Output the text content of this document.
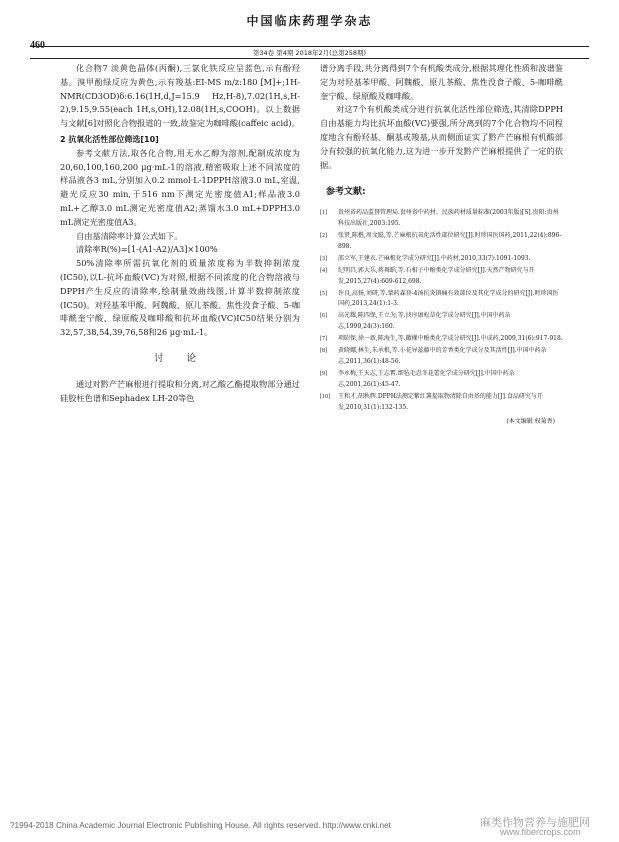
460
中国临床药理学杂志
第34卷 第4期 2018年2月(总第258期)

化合物7 淡黄色晶体(丙酮),三氯化铁反应呈蓝色,示有酚羟基。溴甲酚绿反应为黄色,示有羧基:EI-MS m/z:180 [M]+;1H-NMR(CD3OD)δ:6.16(1H,d,J=15.9 Hz,H-8),7.02(1H,s,H-2),9.15,9.55(each 1H,s,OH),12.08(1H,s,COOH)。以上数据与文献[6]对照化合物报道的一致,故鉴定为咖啡酸(caffeic acid)。

2 抗氧化活性部位筛选[10]

参考文献方法,取各化合物,用无水乙醇为溶剂,配制成浓度为20,60,100,160,200 μg·mL-1的溶液,精密吸取上述不同浓度的样品液各3 mL,分别加入0.2 mmol·L-1DPPH溶液3.0 mL,室温,避光反应30 min,于516 nm下测定光密度值A1;样品液3.0 mL+乙醇3.0 mL测定光密度值A2;蒸馏水3.0 mL+DPPH3.0 mL测定光密度值A3。

自由基清除率计算公式如下。

清除率R(%)=[1-(A1-A2)/A3]×100%

50%清除率所需抗氧化剂的质量浓度称为半数抑制浓度(IC50),以L-抗坏血酸(VC)为对照,根据不同浓度的化合物溶液与DPPH产生反应的清除率,绘制量效曲线图,计算半数抑制浓度(IC50)。对羟基苯甲酸、阿魏酸、原儿茶酸、焦性没食子酸、5-咖啡酰奎宁酸、绿原酸及咖啡酸和抗坏血酸(VC)IC50结果分别为32,57,38,54,39,76,58和26 μg·mL-1。

讨 论

通过对黔产芒麻根进行提取和分离,对乙酸乙酯提取物部分通过硅胶柱色谱和Sephadex LH-20等色

谱分离手段,共分离得到7个有机酸类成分,根据其理化性质和波谱鉴定为对羟基苯甲酸、阿魏酸、原儿茶酸、焦性没食子酸、5-咖啡酰奎宁酸、绿原酸及咖啡酸。

对这7个有机酸类成分进行抗氧化活性部位筛选,其清除DPPH自由基能力均比抗坏血酸(VC)要强,所分离到的7个化合物均不同程度地含有酚羟基、酮基或羧基,从而侧面证实了黔产芒麻根有机酸部分有较强的抗氧化能力,这为进一步开发黔产芒麻根提供了一定的依据。

参考文献:
[1]	贵州省药品监督管理局.贵州省中药材、民族药材质量标准(2003年版)[S].贵阳:贵州科技出版社,2003:195.
[2]	张贤,陈楷,周文聪,等.芒麻根抗氧化活性部位研究[J].时珍国医国药,2011,22(4):896-898.
[3]	邵立军,王建衣.芒麻根化学成分研究[J].中药材,2010,33(7):1091-1093.
[4]	纪明昌,郭大乐,蒋舞蹈,等.石相子中酚类化学成分研究[J].天然产物研究与开发,2015,27(4):609-612,698.
[5]	许良,高扬,刘研,等.蒙药森登-4汤抗炎镇痛有效部位及其化学成分的研究[J].时珍国医国药,2013,24(1):1-3.
[6]	高光耀,陈四保,王立为,等.抉序康松草化学成分研究[J].中国中药杂志,1999,24(3):160.
[7]	项昭保,徐一新,陈海生,等.徽棵中酚类化学成分研究[J].中成药,2009,31(6):917-918.
[8]	黄晓娜,林生,朱承根,等.小花异蕊藤中的芳香类化学成分及其活性[J].中国中药杂志,2011,36(1):48-56.
[9]	李永梅,王天志,王志霄.细毡毛忍冬花蕾化学成分研究[J].中国中药杂志,2001,26(1):45-47.
[10]	王和才,胡秋辉.DPPH法测定紫红薯提取物清除自由基的能力[J].食品研究与开发,2010,31(1):132-135.
(本文编辑 权菊香)
?1994-2018 China Academic Journal Electronic Publishing House. All rights reserved. http://www.cnki.net	麻类作物营养与施肥网
www.fibercrops.com
